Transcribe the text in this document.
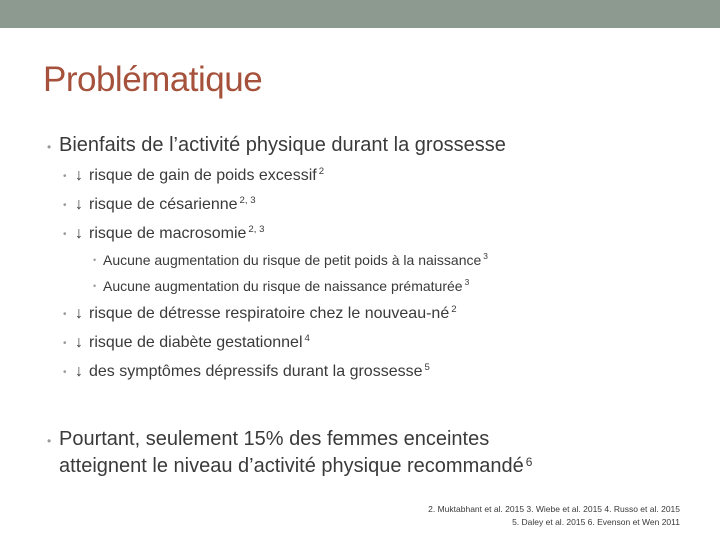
Problématique
• Bienfaits de l’activité physique durant la grossesse
• ↓ risque de gain de poids excessif $^2$
• ↓ risque de césarienne $^{2, 3}$
• ↓ risque de macrosomie $^{2, 3}$
• Aucune augmentation du risque de petit poids à la naissance $^3$
• Aucune augmentation du risque de naissance prématurée $^3$
• ↓ risque de détresse respiratoire chez le nouveau-né $^2$
• ↓ risque de diabète gestationnel $^4$
• ↓ des symptômes dépressifs durant la grossesse $^5$
• Pourtant, seulement 15% des femmes enceintes
atteignent le niveau d’activité physique recommandé $^6$
2. Muktabhant et al. 2015 3. Wiebe et al. 2015 4. Russo et al. 2015
5. Daley et al. 2015 6. Evenson et Wen 2011
